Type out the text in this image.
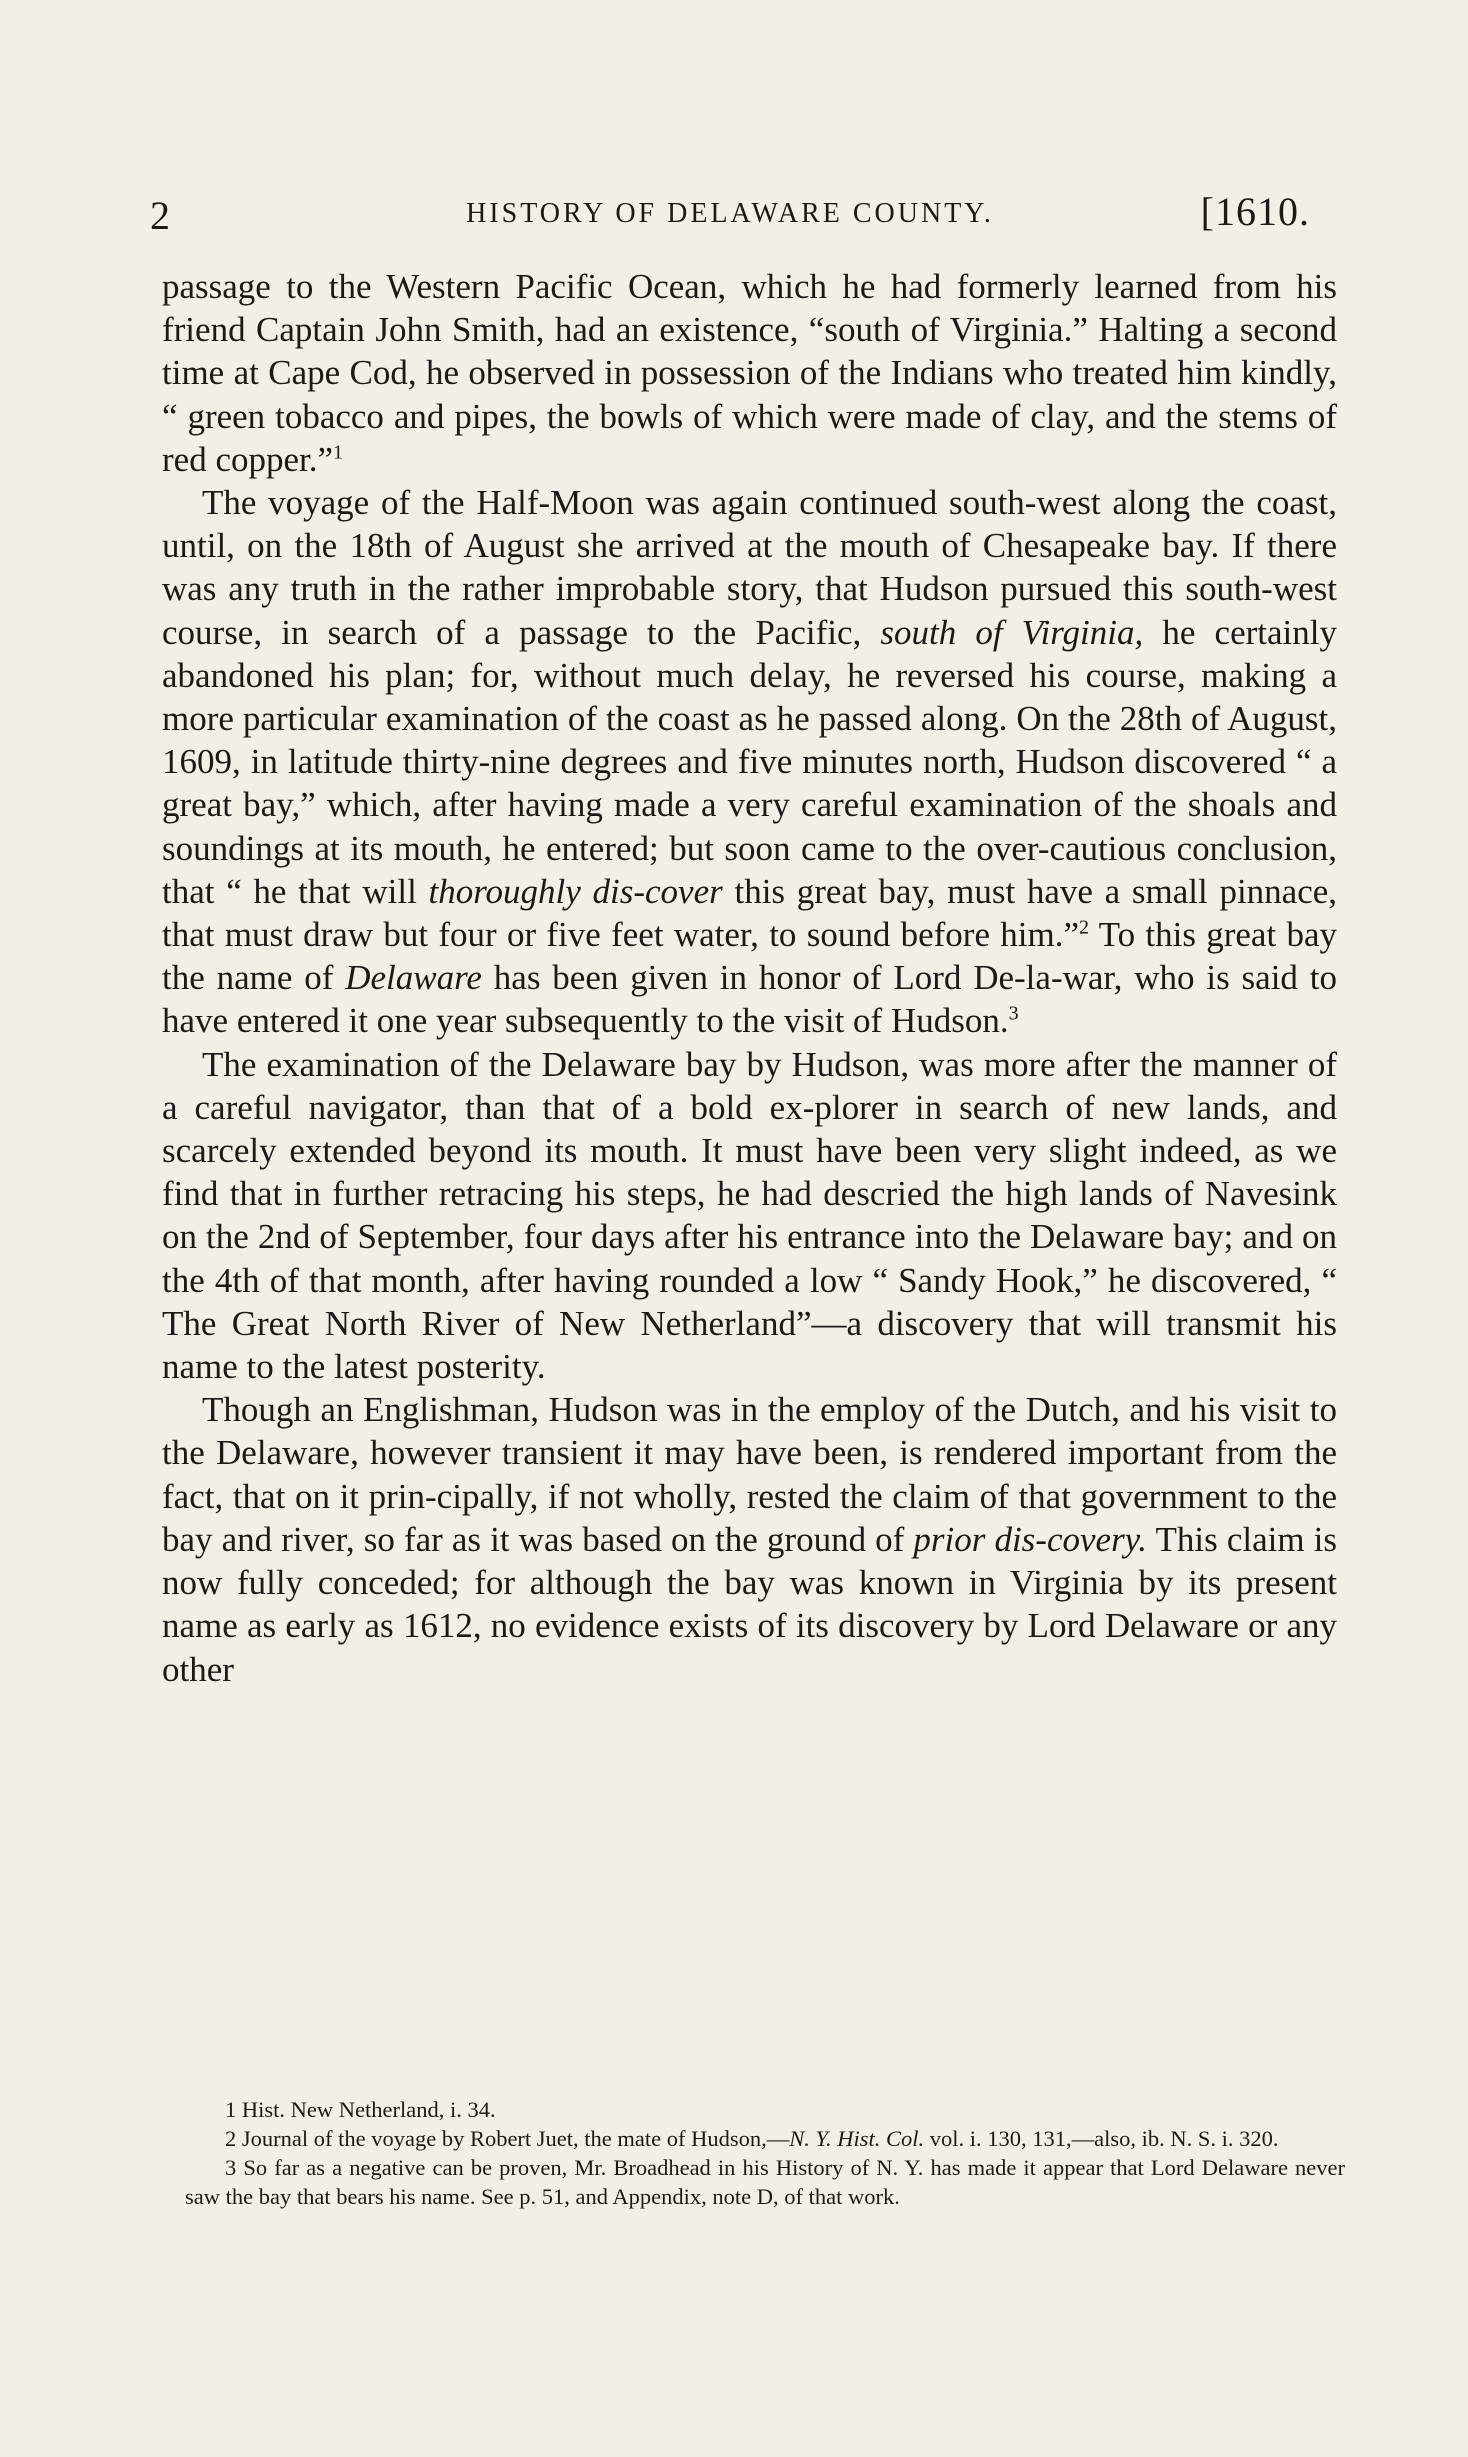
2	HISTORY OF DELAWARE COUNTY.	[1610.

passage to the Western Pacific Ocean, which he had formerly learned from his friend Captain John Smith, had an existence, “south of Virginia.” Halting a second time at Cape Cod, he observed in possession of the Indians who treated him kindly, “ green tobacco and pipes, the bowls of which were made of clay, and the stems of red copper.”$^1$

The voyage of the Half-Moon was again continued south-west along the coast, until, on the 18th of August she arrived at the mouth of Chesapeake bay. If there was any truth in the rather improbable story, that Hudson pursued this south-west course, in search of a passage to the Pacific, south of Virginia, he certainly abandoned his plan; for, without much delay, he reversed his course, making a more particular examination of the coast as he passed along. On the 28th of August, 1609, in latitude thirty-nine degrees and five minutes north, Hudson discovered “ a great bay,” which, after having made a very careful examination of the shoals and soundings at its mouth, he entered; but soon came to the over-cautious conclusion, that “ he that will thoroughly dis-cover this great bay, must have a small pinnace, that must draw but four or five feet water, to sound before him.”$^2$ To this great bay the name of Delaware has been given in honor of Lord De-la-war, who is said to have entered it one year subsequently to the visit of Hudson.$^3$

The examination of the Delaware bay by Hudson, was more after the manner of a careful navigator, than that of a bold ex-plorer in search of new lands, and scarcely extended beyond its mouth. It must have been very slight indeed, as we find that in further retracing his steps, he had descried the high lands of Navesink on the 2nd of September, four days after his entrance into the Delaware bay; and on the 4th of that month, after having rounded a low “ Sandy Hook,” he discovered, “ The Great North River of New Netherland”—a discovery that will transmit his name to the latest posterity.

Though an Englishman, Hudson was in the employ of the Dutch, and his visit to the Delaware, however transient it may have been, is rendered important from the fact, that on it prin-cipally, if not wholly, rested the claim of that government to the bay and river, so far as it was based on the ground of prior dis-covery. This claim is now fully conceded; for although the bay was known in Virginia by its present name as early as 1612, no evidence exists of its discovery by Lord Delaware or any other

1 Hist. New Netherland, i. 34.

2 Journal of the voyage by Robert Juet, the mate of Hudson,—N. Y. Hist. Col. vol. i. 130, 131,—also, ib. N. S. i. 320.

3 So far as a negative can be proven, Mr. Broadhead in his History of N. Y. has made it appear that Lord Delaware never saw the bay that bears his name. See p. 51, and Appendix, note D, of that work.
